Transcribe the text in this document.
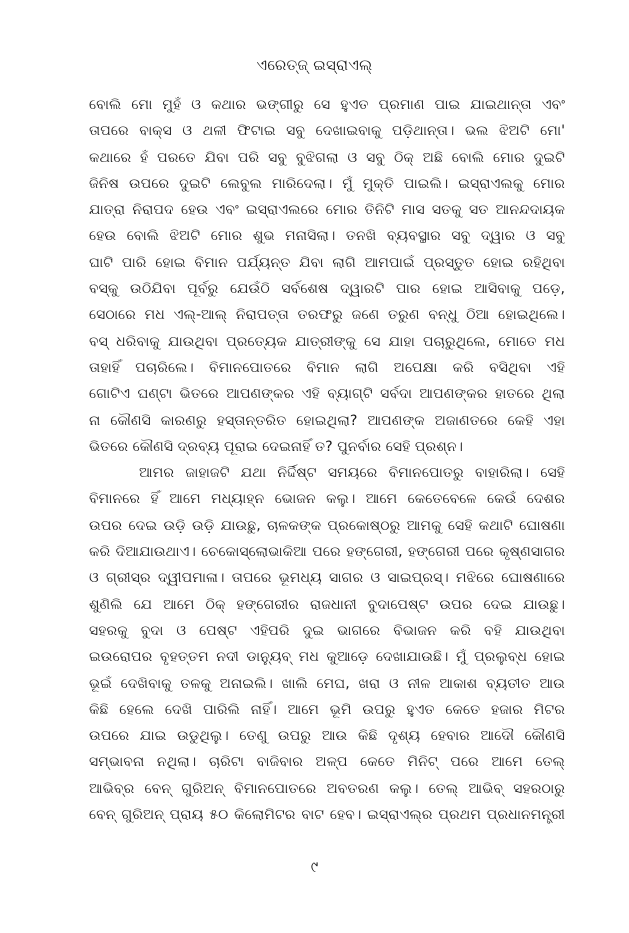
ଏରେତ୍ଜ୍ ଇସ୍ରାଏଲ୍

ବୋଲି ମୋ ମୁହଁ ଓ କଥାର ଭଙ୍ଗୀରୁ ସେ ହୁଏତ ପ୍ରମାଣ ପାଇ ଯାଇଥାନ୍ତା ଏବଂ
ତାପରେ ବାକ୍ସ ଓ ଥଳୀ ଫିଟାଇ ସବୁ ଦେଖାଇବାକୁ ପଡ଼ିଥାନ୍ତା। ଭଲ ଝିଅଟି ମୋ'
କଥାରେ ହଁ ପରତେ ଯିବା ପରି ସବୁ ବୁଝିଗଲା ଓ ସବୁ ଠିକ୍ ଅଛି ବୋଲି ମୋର ଦୁଇଟି
ଜିନିଷ ଉପରେ ଦୁଇଟି ଲେବୁଲ ମାରିଦେଲା। ମୁଁ ମୁକ୍ତି ପାଇଲି। ଇସ୍ରାଏଲକୁ ମୋର
ଯାତ୍ରା ନିରାପଦ ହେଉ ଏବଂ ଇସ୍ରାଏଲରେ ମୋର ତିନିଟି ମାସ ସତକୁ ସତ ଆନନ୍ଦଦାୟକ
ହେଉ ବୋଲି ଝିଅଟି ମୋର ଶୁଭ ମନାସିଲା। ତନଖି ବ୍ୟବସ୍ଥାର ସବୁ ଦ୍ୱାର ଓ ସବୁ
ଘାଟି ପାରି ହୋଇ ବିମାନ ପର୍ଯ୍ୟନ୍ତ ଯିବା ଲାଗି ଆମପାଇଁ ପ୍ରସ୍ତୁତ ହୋଇ ରହିଥିବା
ବସ୍‌କୁ ଉଠିଯିବା ପୂର୍ବରୁ ଯେଉଁଠି ସର୍ବଶେଷ ଦ୍ୱାରଟି ପାର ହୋଇ ଆସିବାକୁ ପଡ଼େ,
ସେଠାରେ ମଧ ଏଲ୍‌-ଆଲ୍ ନିରାପତ୍ତା ତରଫରୁ ଜଣେ ତରୁଣ ବନ୍ଧୁ ଠିଆ ହୋଇଥିଲେ।
ବସ୍ ଧରିବାକୁ ଯାଉଥିବା ପ୍ରତ୍ୟେକ ଯାତ୍ରୀଙ୍କୁ ସେ ଯାହା ପଚାରୁଥିଲେ, ମୋତେ ମଧ
ତାହାହିଁ ପଚାରିଲେ। ବିମାନପୋତରେ ବିମାନ ଲାଗି ଅପେକ୍ଷା କରି ବସିଥିବା ଏହି
ଗୋଟିଏ ଘଣ୍ଟା ଭିତରେ ଆପଣଙ୍କର ଏହି ବ୍ୟାଗ୍‌ଟି ସର୍ବଦା ଆପଣଙ୍କର ହାତରେ ଥିଲା
ନା କୌଣସି କାରଣରୁ ହସ୍ତାନ୍ତରିତ ହୋଇଥିଲା? ଆପଣଙ୍କ ଅଜାଣତରେ କେହି ଏହା
ଭିତରେ କୌଣସି ଦ୍ରବ୍ୟ ପୂରାଇ ଦେଇନାହିଁ ତ? ପୁନର୍ବାର ସେହି ପ୍ରଶ୍ନ।

ଆମର ଜାହାଜଟି ଯଥା ନିର୍ଦ୍ଦିଷ୍ଟ ସମୟରେ ବିମାନପୋତରୁ ବାହାରିଲା। ସେହି
ବିମାନରେ ହିଁ ଆମେ ମଧ୍ୟାହ୍ନ ଭୋଜନ କଲୁ। ଆମେ କେତେବେଳେ କେଉଁ ଦେଶର
ଉପର ଦେଇ ଉଡ଼ି ଉଡ଼ି ଯାଉଛୁ, ଚାଳକଙ୍କ ପ୍ରକୋଷ୍ଠରୁ ଆମକୁ ସେହି କଥାଟି ଘୋଷଣା
କରି ଦିଆଯାଉଥାଏ। ଚେକୋସ୍ଲୋଭାକିଆ ପରେ ହଙ୍ଗେରୀ, ହଙ୍ଗେରୀ ପରେ କୃଷ୍ଣସାଗର
ଓ ଗ୍ରୀସ୍‌ର ଦ୍ୱୀପମାଳା। ତାପରେ ଭୂମଧ୍ୟ ସାଗର ଓ ସାଇପ୍ରସ୍। ମଝିରେ ଘୋଷଣାରେ
ଶୁଣିଲି ଯେ ଆମେ ଠିକ୍ ହଙ୍ଗେରୀର ରାଜଧାନୀ ବୁଦାପେଷ୍ଟ ଉପର ଦେଇ ଯାଉଛୁ।
ସହରକୁ ବୁଦା ଓ ପେଷ୍ଟ ଏହିପରି ଦୁଇ ଭାଗରେ ବିଭାଜନ କରି ବହି ଯାଉଥିବା
ଇଉରୋପର ବୃହତ୍ତମ ନଦୀ ଡାନ୍ୟୁବ୍ ମଧ କୁଆଡ଼େ ଦେଖାଯାଉଛି। ମୁଁ ପ୍ରଲୁବ୍ଧ ହୋଇ
ଭୂଇଁ ଦେଖିବାକୁ ତଳକୁ ଅନାଇଲି। ଖାଲି ମେଘ, ଖରା ଓ ନୀଳ ଆକାଶ ବ୍ୟତୀତ ଆଉ
କିଛି ହେଲେ ଦେଖି ପାରିଲି ନାହିଁ। ଆମେ ଭୂମି ଉପରୁ ହୁଏତ କେତେ ହଜାର ମିଟର
ଉପରେ ଯାଇ ଉଡୁଥିଲୁ। ତେଣୁ ଉପରୁ ଆଉ କିଛି ଦୃଶ୍ୟ ହେବାର ଆଦୌ କୌଣସି
ସମ୍ଭାବନା ନଥିଲା। ଚାରିଟା ବାଜିବାର ଅଳ୍ପ କେତେ ମିନିଟ୍ ପରେ ଆମେ ତେଲ୍
ଆଭିବ୍‌ର ବେନ୍ ଗୁରିଅନ୍ ବିମାନପୋତରେ ଅବତରଣ କଲୁ। ତେଲ୍ ଆଭିବ୍ ସହରଠାରୁ
ବେନ୍ ଗୁରିଅନ୍ ପ୍ରାୟ ୫୦ କିଲୋମିଟର ବାଟ ହେବ। ଇସ୍ରାଏଲ୍‌ର ପ୍ରଥମ ପ୍ରଧାନମନ୍ତ୍ରୀ

୯
